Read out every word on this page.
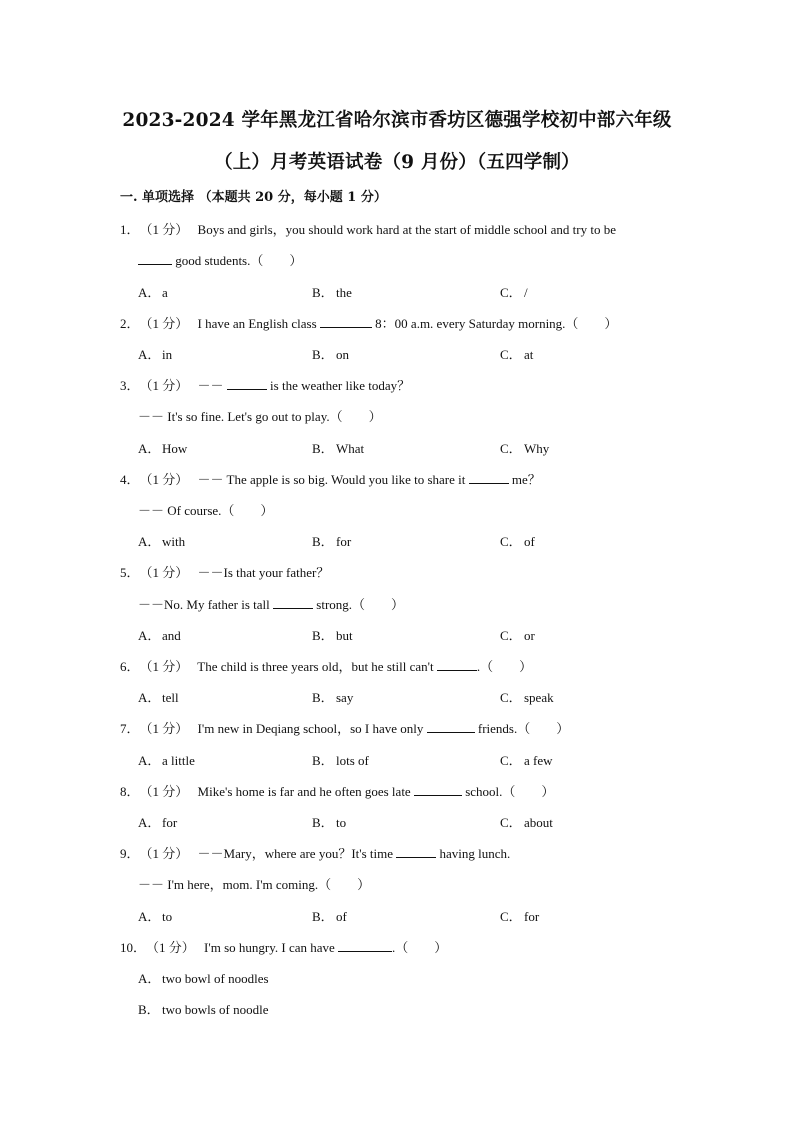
2023-2024 学年黑龙江省哈尔滨市香坊区德强学校初中部六年级
（上）月考英语试卷（9 月份）（五四学制）
一. 单项选择 （本题共 20 分，每小题 1 分）
1．（1 分） Boys and girls，you should work hard at the start of middle school and try to be
good students.（　　）
A． a	B． the	C． /
2．（1 分） I have an English class	8：00 a.m. every Saturday morning.（　　）
A． in	B． on	C． at
3．（1 分） －－	is the weather like today？
－－ It's so fine. Let's go out to play.（　　）
A． How	B． What	C． Why
4．（1 分） －－ The apple is so big. Would you like to share it	me？
－－ Of course.（　　）
A． with	B． for	C． of
5．（1 分） －－Is that your father？
－－No. My father is tall	strong.（　　）
A． and	B． but	C． or
6．（1 分） The child is three years old，but he still can't	.（　　）
A． tell	B． say	C． speak
7．（1 分） I'm new in Deqiang school，so I have only	friends.（　　）
A． a little	B． lots of	C． a few
8．（1 分） Mike's home is far and he often goes late	school.（　　）
A． for	B． to	C． about
9．（1 分） －－Mary，where are you？It's time	having lunch.
－－ I'm here，mom. I'm coming.（　　）
A． to	B． of	C． for
10．（1 分） I'm so hungry. I can have	.（　　）
A． two bowl of noodles
B． two bowls of noodle
